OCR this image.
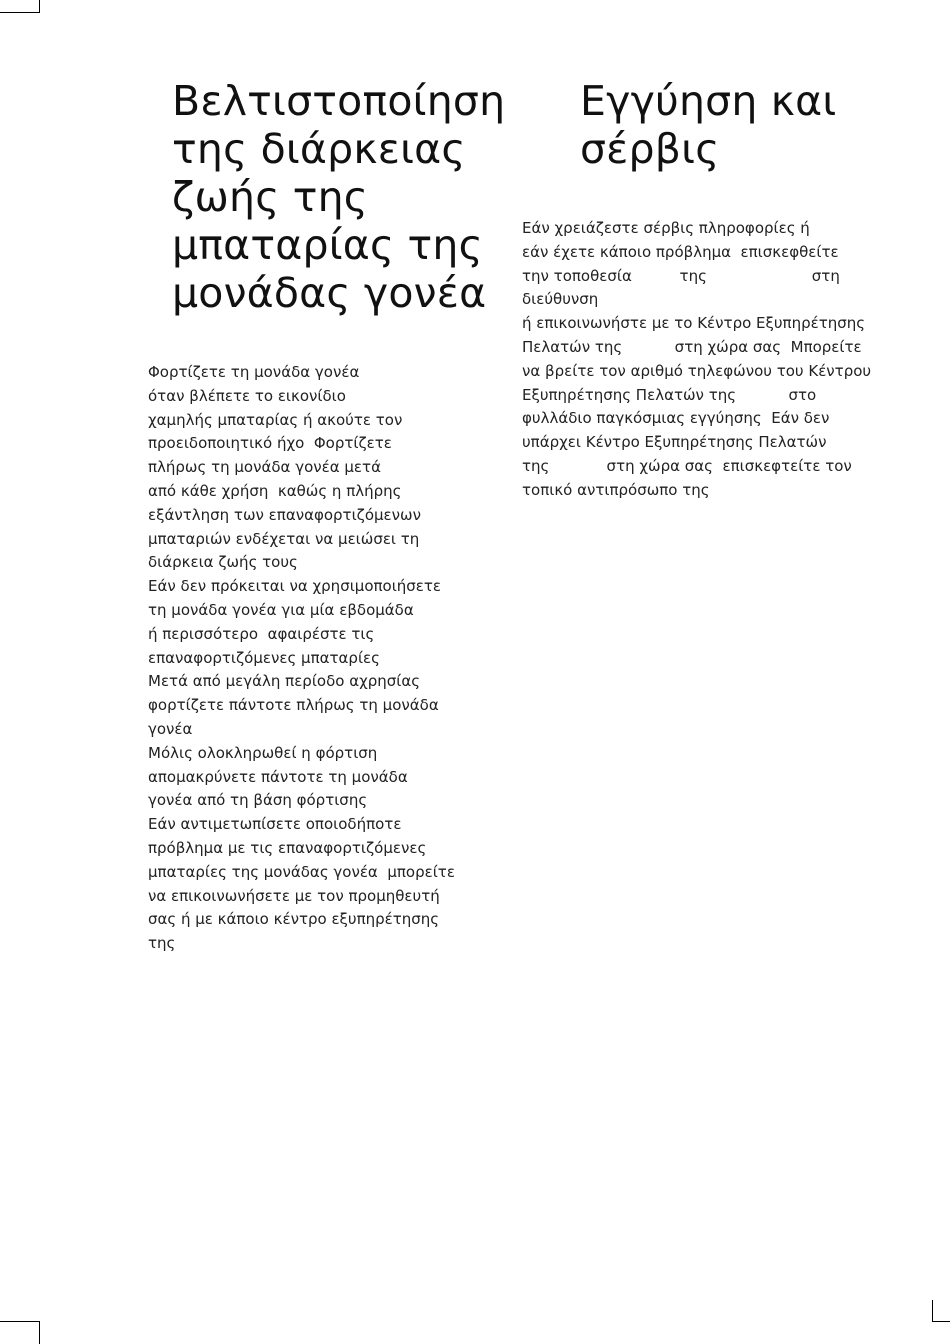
Βελτιστοποίηση
της διάρκειας
ζωής της
μπαταρίας της
μονάδας γονέα
Φορτίζετε τη μονάδα γονέα
όταν βλέπετε το εικονίδιο
χαμηλής μπαταρίας ή ακούτε τον
προειδοποιητικό ήχο  Φορτίζετε
πλήρως τη μονάδα γονέα μετά
από κάθε χρήση  καθώς η πλήρης
εξάντληση των επαναφορτιζόμενων
μπαταριών ενδέχεται να μειώσει τη
διάρκεια ζωής τους
Εάν δεν πρόκειται να χρησιμοποιήσετε
τη μονάδα γονέα για μία εβδομάδα
ή περισσότερο  αφαιρέστε τις
επαναφορτιζόμενες μπαταρίες
Μετά από μεγάλη περίοδο αχρησίας
φορτίζετε πάντοτε πλήρως τη μονάδα
γονέα
Μόλις ολοκληρωθεί η φόρτιση
απομακρύνετε πάντοτε τη μονάδα
γονέα από τη βάση φόρτισης
Εάν αντιμετωπίσετε οποιοδήποτε
πρόβλημα με τις επαναφορτιζόμενες
μπαταρίες της μονάδας γονέα  μπορείτε
να επικοινωνήσετε με τον προμηθευτή
σας ή με κάποιο κέντρο εξυπηρέτησης
της
Εγγύηση και
σέρβις
Εάν χρειάζεστε σέρβις πληροφορίες ή
εάν έχετε κάποιο πρόβλημα  επισκεφθείτε
την τοποθεσία          της                      στη
διεύθυνση
ή επικοινωνήστε με το Κέντρο Εξυπηρέτησης
Πελατών της           στη χώρα σας  Μπορείτε
να βρείτε τον αριθμό τηλεφώνου του Κέντρου
Εξυπηρέτησης Πελατών της           στο
φυλλάδιο παγκόσμιας εγγύησης  Εάν δεν
υπάρχει Κέντρο Εξυπηρέτησης Πελατών
της            στη χώρα σας  επισκεφτείτε τον
τοπικό αντιπρόσωπο της
